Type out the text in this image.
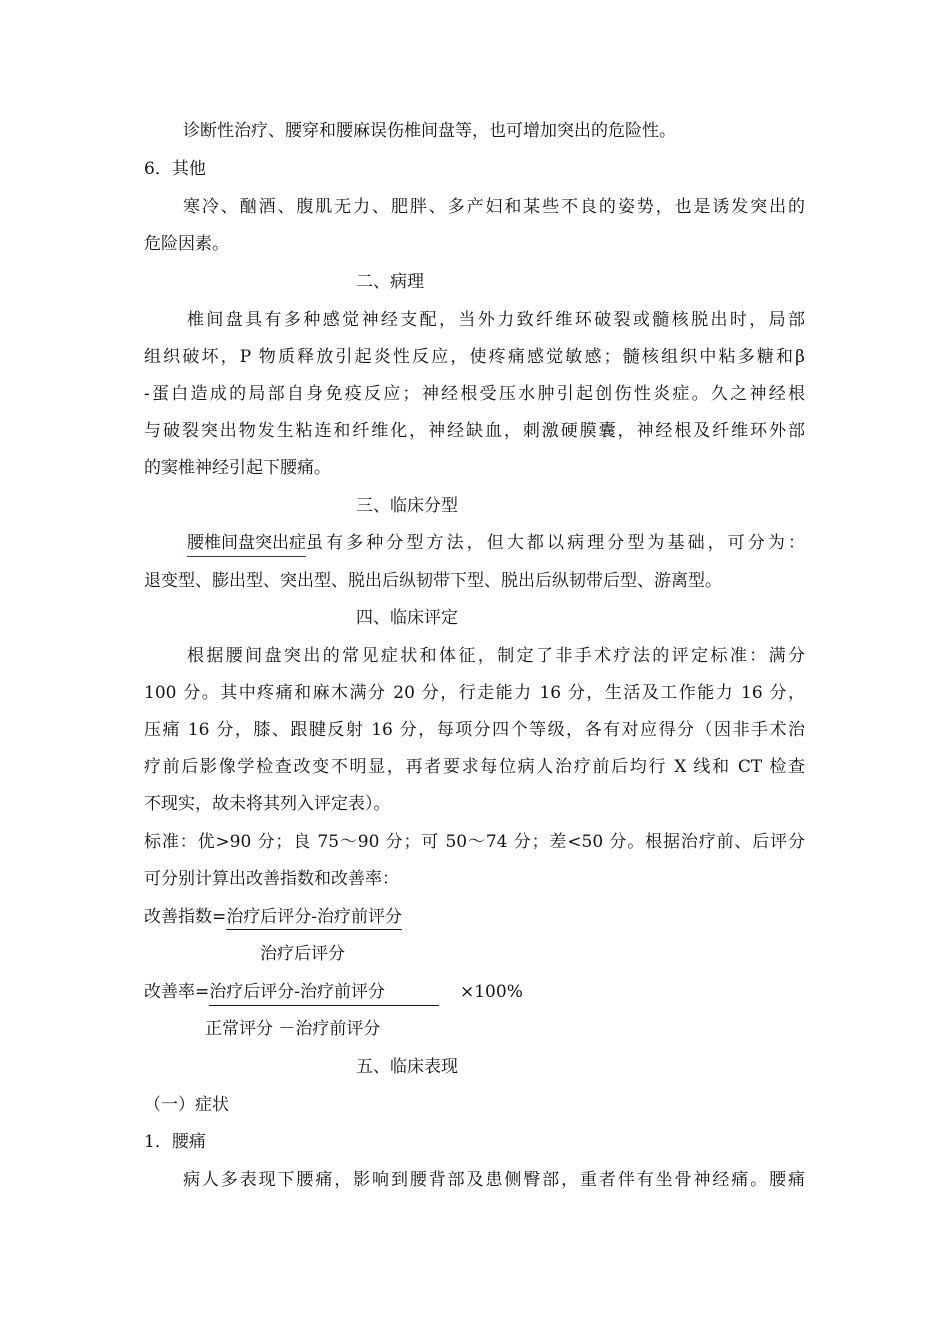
诊断性治疗、腰穿和腰麻误伤椎间盘等，也可增加突出的危险性。
6．其他
寒冷、酗酒、腹肌无力、肥胖、多产妇和某些不良的姿势，也是诱发突出的
危险因素。
二、病理
椎间盘具有多种感觉神经支配，当外力致纤维环破裂或髓核脱出时，局部
组织破坏，P 物质释放引起炎性反应，使疼痛感觉敏感；髓核组织中粘多糖和β
-蛋白造成的局部自身免疫反应；神经根受压水肿引起创伤性炎症。久之神经根
与破裂突出物发生粘连和纤维化，神经缺血，刺激硬膜囊，神经根及纤维环外部
的窦椎神经引起下腰痛。
三、临床分型
腰椎间盘突出症 虽有多种分型方法，但大都以病理分型为基础，可分为：
退变型、膨出型、突出型、脱出后纵韧带下型、脱出后纵韧带后型、游离型。
四、临床评定
根据腰间盘突出的常见症状和体征，制定了非手术疗法的评定标准：满分
100 分。其中疼痛和麻木满分 20 分，行走能力 16 分，生活及工作能力 16 分，
压痛 16 分，膝、跟腱反射 16 分，每项分四个等级，各有对应得分（因非手术治
疗前后影像学检查改变不明显，再者要求每位病人治疗前后均行 X 线和 CT 检查
不现实，故未将其列入评定表）。
标准：优>90 分；良 75～90 分；可 50～74 分；差<50 分。根据治疗前、后评分
可分别计算出改善指数和改善率：
改善指数=治疗后评分-治疗前评分
治疗后评分
改善率=治疗后评分-治疗前评分	×100%
正常评分 －治疗前评分
五、临床表现
（一）症状
1．腰痛
病人多表现下腰痛，影响到腰背部及患侧臀部，重者伴有坐骨神经痛。腰痛
